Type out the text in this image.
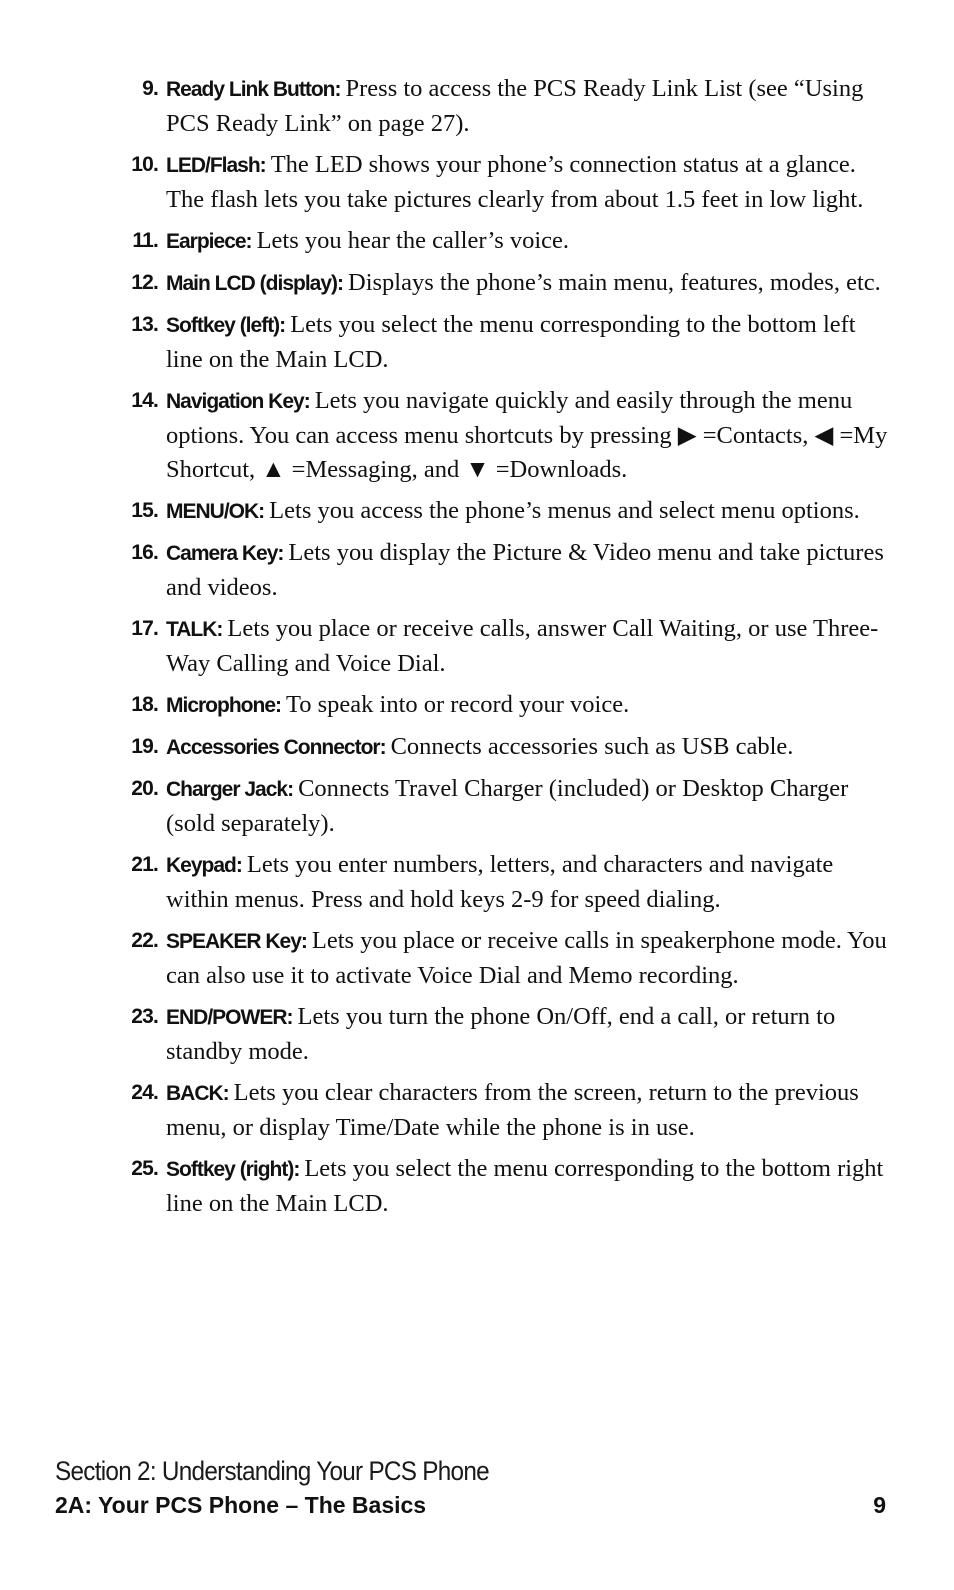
9. Ready Link Button: Press to access the PCS Ready Link List (see “Using PCS Ready Link” on page 27).
10. LED/Flash: The LED shows your phone’s connection status at a glance. The flash lets you take pictures clearly from about 1.5 feet in low light.
11. Earpiece: Lets you hear the caller’s voice.
12. Main LCD (display): Displays the phone’s main menu, features, modes, etc.
13. Softkey (left): Lets you select the menu corresponding to the bottom left line on the Main LCD.
14. Navigation Key: Lets you navigate quickly and easily through the menu options. You can access menu shortcuts by pressing ▶ =Contacts, ◀ =My Shortcut, ▲ =Messaging, and ▼ =Downloads.
15. MENU/OK: Lets you access the phone’s menus and select menu options.
16. Camera Key: Lets you display the Picture & Video menu and take pictures and videos.
17. TALK: Lets you place or receive calls, answer Call Waiting, or use Three-Way Calling and Voice Dial.
18. Microphone: To speak into or record your voice.
19. Accessories Connector: Connects accessories such as USB cable.
20. Charger Jack: Connects Travel Charger (included) or Desktop Charger (sold separately).
21. Keypad: Lets you enter numbers, letters, and characters and navigate within menus. Press and hold keys 2-9 for speed dialing.
22. SPEAKER Key: Lets you place or receive calls in speakerphone mode. You can also use it to activate Voice Dial and Memo recording.
23. END/POWER: Lets you turn the phone On/Off, end a call, or return to standby mode.
24. BACK: Lets you clear characters from the screen, return to the previous menu, or display Time/Date while the phone is in use.
25. Softkey (right): Lets you select the menu corresponding to the bottom right line on the Main LCD.
Section 2: Understanding Your PCS Phone
2A: Your PCS Phone – The Basics	9
